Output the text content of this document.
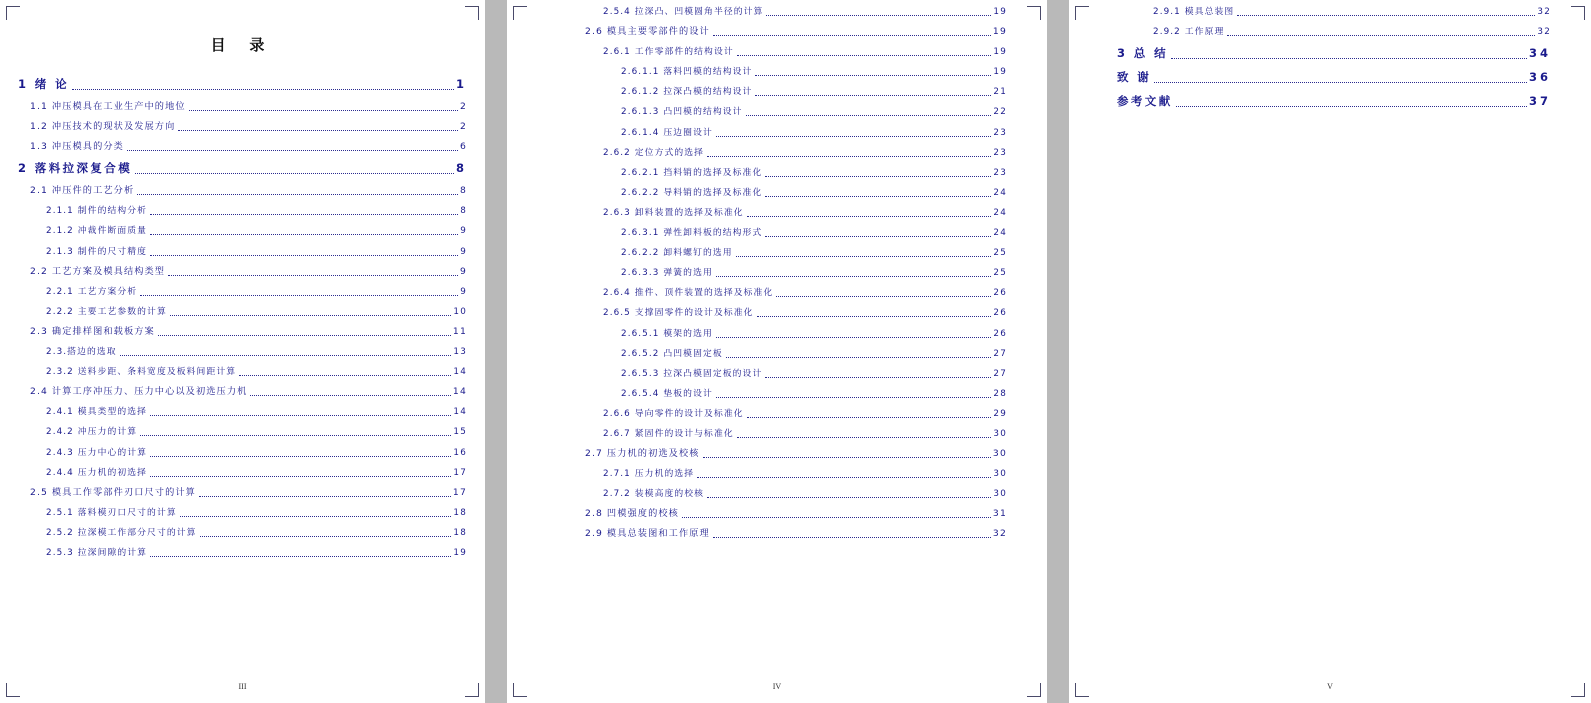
目 录
1 绪 论	1
1.1 冲压模具在工业生产中的地位	2
1.2 冲压技术的现状及发展方向	2
1.3 冲压模具的分类	6
2 落料拉深复合模	8
2.1 冲压件的工艺分析	8
2.1.1 制件的结构分析	8
2.1.2 冲裁件断面质量	9
2.1.3 制件的尺寸精度	9
2.2 工艺方案及模具结构类型	9
2.2.1 工艺方案分析	9
2.2.2 主要工艺参数的计算	10
2.3 确定排样图和载板方案	11
2.3.搭边的选取	13
2.3.2 送料步距、条料宽度及板料间距计算	14
2.4 计算工序冲压力、压力中心以及初选压力机	14
2.4.1 模具类型的选择	14
2.4.2 冲压力的计算	15
2.4.3 压力中心的计算	16
2.4.4 压力机的初选择	17
2.5 模具工作零部件刃口尺寸的计算	17
2.5.1 落料模刃口尺寸的计算	18
2.5.2 拉深模工作部分尺寸的计算	18
2.5.3 拉深间隙的计算	19
III
2.5.4 拉深凸、凹模圆角半径的计算	19
2.6 模具主要零部件的设计	19
2.6.1 工作零部件的结构设计	19
2.6.1.1 落料凹模的结构设计	19
2.6.1.2 拉深凸模的结构设计	21
2.6.1.3 凸凹模的结构设计	22
2.6.1.4 压边圈设计	23
2.6.2 定位方式的选择	23
2.6.2.1 挡料销的选择及标准化	23
2.6.2.2 导料销的选择及标准化	24
2.6.3 卸料装置的选择及标准化	24
2.6.3.1 弹性卸料板的结构形式	24
2.6.2.2 卸料螺钉的选用	25
2.6.3.3 弹簧的选用	25
2.6.4 推件、顶件装置的选择及标准化	26
2.6.5 支撑固零件的设计及标准化	26
2.6.5.1 模架的选用	26
2.6.5.2 凸凹模固定板	27
2.6.5.3 拉深凸模固定板的设计	27
2.6.5.4 垫板的设计	28
2.6.6 导向零件的设计及标准化	29
2.6.7 紧固件的设计与标准化	30
2.7 压力机的初选及校核	30
2.7.1 压力机的选择	30
2.7.2 装模高度的校核	30
2.8 凹模强度的校核	31
2.9 模具总装图和工作原理	32
IV
2.9.1 模具总装图	32
2.9.2 工作原理	32
3 总 结	34
致 谢	36
参考文献	37
V
